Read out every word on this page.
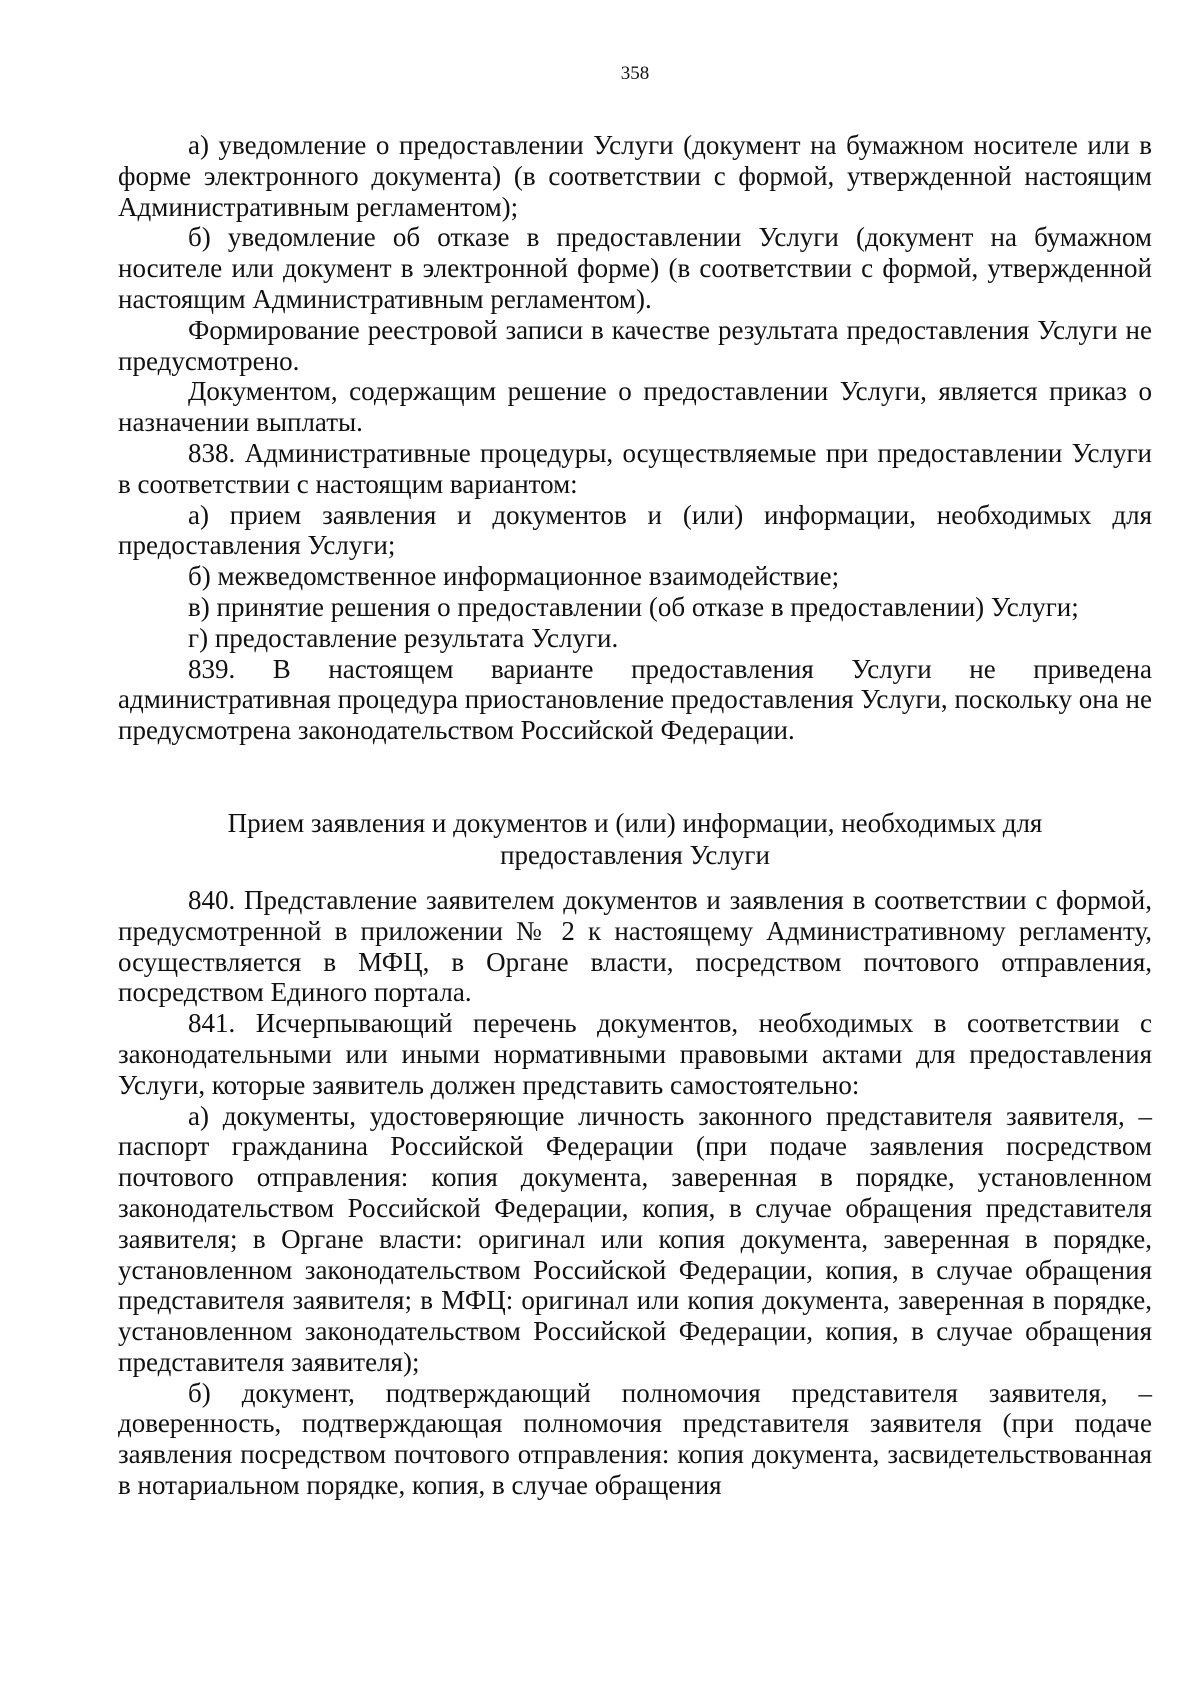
358

а) уведомление о предоставлении Услуги (документ на бумажном носителе или в форме электронного документа) (в соответствии с формой, утвержденной настоящим Административным регламентом);

б) уведомление об отказе в предоставлении Услуги (документ на бумажном носителе или документ в электронной форме) (в соответствии с формой, утвержденной настоящим Административным регламентом).

Формирование реестровой записи в качестве результата предоставления Услуги не предусмотрено.

Документом, содержащим решение о предоставлении Услуги, является приказ о назначении выплаты.

838. Административные процедуры, осуществляемые при предоставлении Услуги в соответствии с настоящим вариантом:

а) прием заявления и документов и (или) информации, необходимых для предоставления Услуги;

б) межведомственное информационное взаимодействие;

в) принятие решения о предоставлении (об отказе в предоставлении) Услуги;

г) предоставление результата Услуги.

839. В настоящем варианте предоставления Услуги не приведена административная процедура приостановление предоставления Услуги, поскольку она не предусмотрена законодательством Российской Федерации.

Прием заявления и документов и (или) информации, необходимых для
предоставления Услуги

840. Представление заявителем документов и заявления в соответствии с формой, предусмотренной в приложении № 2 к настоящему Административному регламенту, осуществляется в МФЦ, в Органе власти, посредством почтового отправления, посредством Единого портала.

841. Исчерпывающий перечень документов, необходимых в соответствии с законодательными или иными нормативными правовыми актами для предоставления Услуги, которые заявитель должен представить самостоятельно:

а) документы, удостоверяющие личность законного представителя заявителя, – паспорт гражданина Российской Федерации (при подаче заявления посредством почтового отправления: копия документа, заверенная в порядке, установленном законодательством Российской Федерации, копия, в случае обращения представителя заявителя; в Органе власти: оригинал или копия документа, заверенная в порядке, установленном законодательством Российской Федерации, копия, в случае обращения представителя заявителя; в МФЦ: оригинал или копия документа, заверенная в порядке, установленном законодательством Российской Федерации, копия, в случае обращения представителя заявителя);

б) документ, подтверждающий полномочия представителя заявителя, – доверенность, подтверждающая полномочия представителя заявителя (при подаче заявления посредством почтового отправления: копия документа, засвидетельствованная в нотариальном порядке, копия, в случае обращения
